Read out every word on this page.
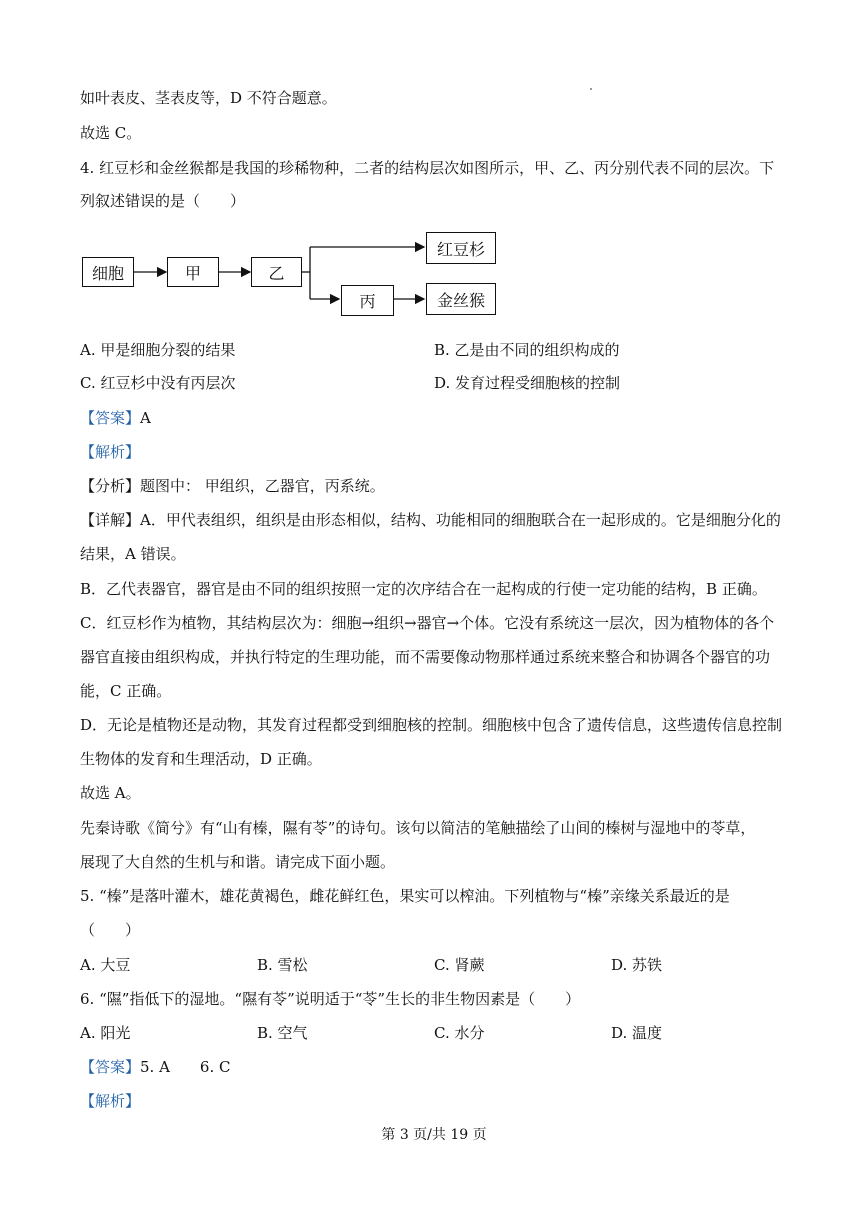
如叶表皮、茎表皮等，D 不符合题意。
故选 C。
4. 红豆杉和金丝猴都是我国的珍稀物种，二者的结构层次如图所示，甲、乙、丙分别代表不同的层次。下
列叙述错误的是（　　）
细胞	甲	乙
红豆杉
丙	金丝猴
A. 甲是细胞分裂的结果	B. 乙是由不同的组织构成的
C. 红豆杉中没有丙层次	D. 发育过程受细胞核的控制
【答案】A
【解析】
【分析】题图中： 甲组织，乙器官，丙系统。
【详解】A．甲代表组织，组织是由形态相似，结构、功能相同的细胞联合在一起形成的。它是细胞分化的
结果，A 错误。
B．乙代表器官，器官是由不同的组织按照一定的次序结合在一起构成的行使一定功能的结构，B 正确。
C．红豆杉作为植物，其结构层次为：细胞→组织→器官→个体。它没有系统这一层次，因为植物体的各个
器官直接由组织构成，并执行特定的生理功能，而不需要像动物那样通过系统来整合和协调各个器官的功
能，C 正确。
D．无论是植物还是动物，其发育过程都受到细胞核的控制。细胞核中包含了遗传信息，这些遗传信息控制
生物体的发育和生理活动，D 正确。
故选 A。
先秦诗歌《简兮》有“山有榛，隰有苓”的诗句。该句以简洁的笔触描绘了山间的榛树与湿地中的苓草，
展现了大自然的生机与和谐。请完成下面小题。
5. “榛”是落叶灌木，雄花黄褐色，雌花鲜红色，果实可以榨油。下列植物与“榛”亲缘关系最近的是
（　　）
A. 大豆	B. 雪松	C. 肾蕨	D. 苏铁
6. “隰”指低下的湿地。“隰有苓”说明适于“苓”生长的非生物因素是（　　）
A. 阳光	B. 空气	C. 水分	D. 温度
【答案】5. A　　6. C
【解析】
第 3 页/共 19 页
